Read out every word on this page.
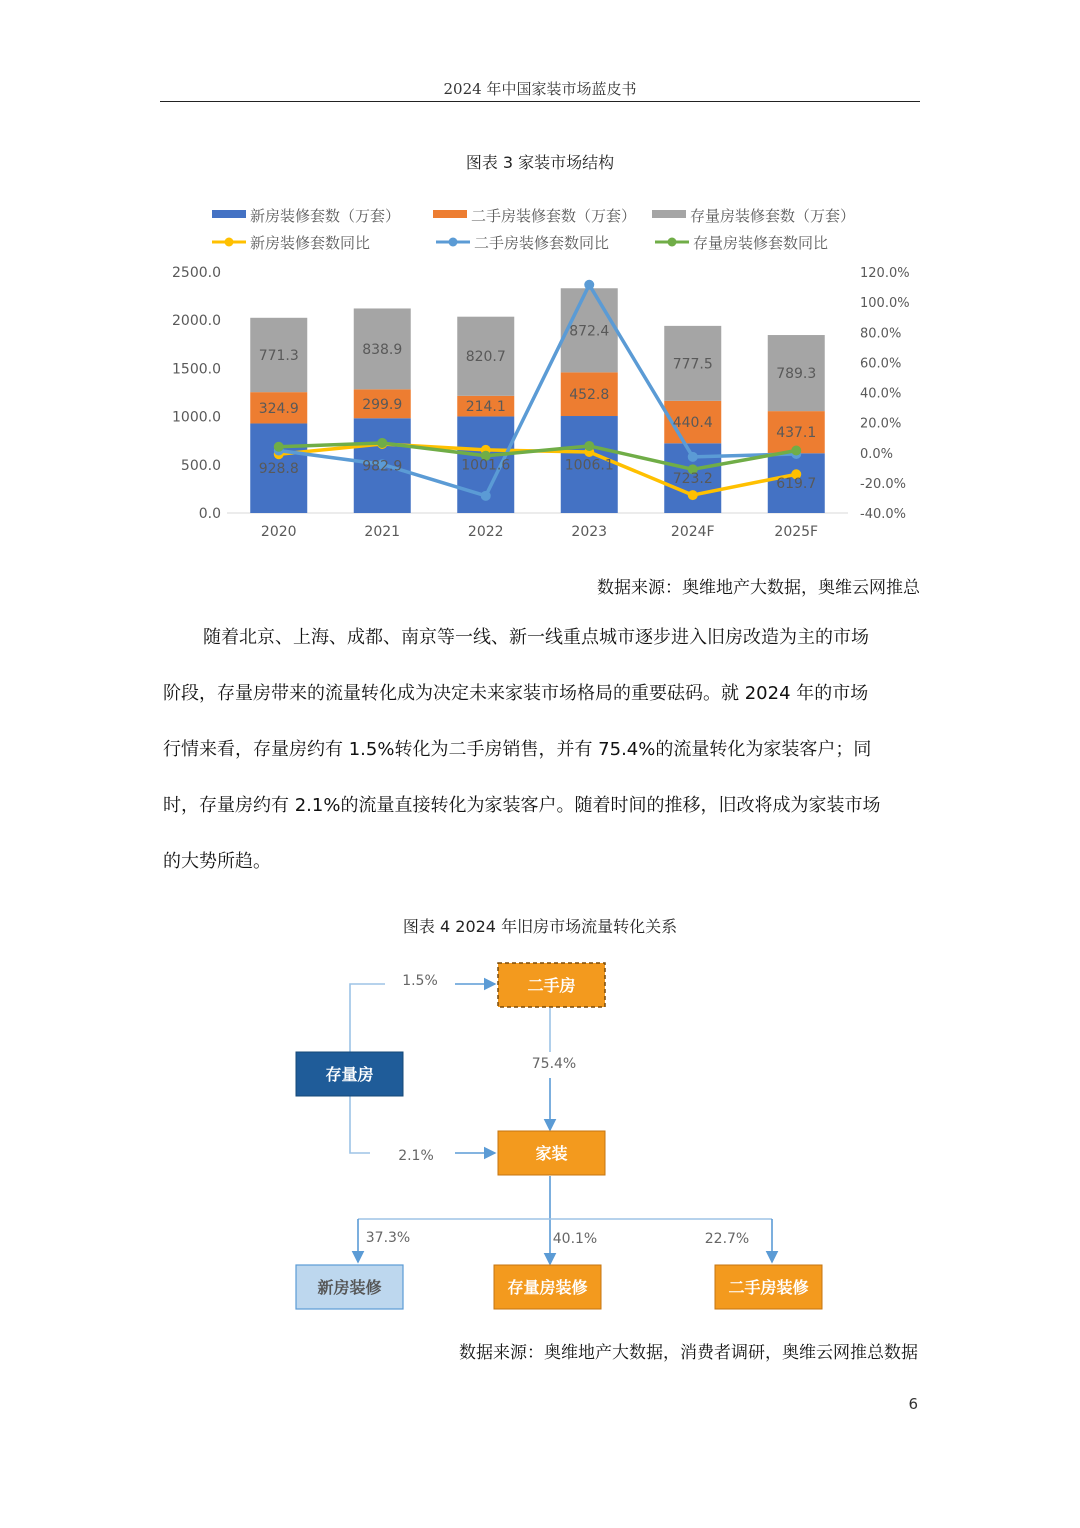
2024 年中国家装市场蓝皮书
图表 3 家装市场结构
新房装修套数（万套）	二手房装修套数（万套）	存量房装修套数（万套）
新房装修套数同比	二手房装修套数同比	存量房装修套数同比
0.0
500.0
1000.0
1500.0
2000.0
2500.0
-40.0%
-20.0%
0.0%
20.0%
40.0%
60.0%
80.0%
100.0%
120.0%
2020	2021	2022	2023	2024F	2025F
928.8
324.9
771.3
982.9
299.9
838.9
1001.6
214.1
820.7
1006.1
452.8
872.4
723.2
440.4
777.5
619.7
437.1
789.3
数据来源：奥维地产大数据，奥维云网推总

随着北京、上海、成都、南京等一线、新一线重点城市逐步进入旧房改造为主的市场

阶段，存量房带来的流量转化成为决定未来家装市场格局的重要砝码。就 2024 年的市场

行情来看，存量房约有 1.5%转化为二手房销售，并有 75.4%的流量转化为家装客户；同

时，存量房约有 2.1%的流量直接转化为家装客户。随着时间的推移，旧改将成为家装市场

的大势所趋。

图表 4 2024 年旧房市场流量转化关系
1.5%
75.4%
2.1%
37.3%	40.1%	22.7%
存量房
二手房
家装
新房装修	存量房装修	二手房装修
数据来源：奥维地产大数据，消费者调研，奥维云网推总数据
6
